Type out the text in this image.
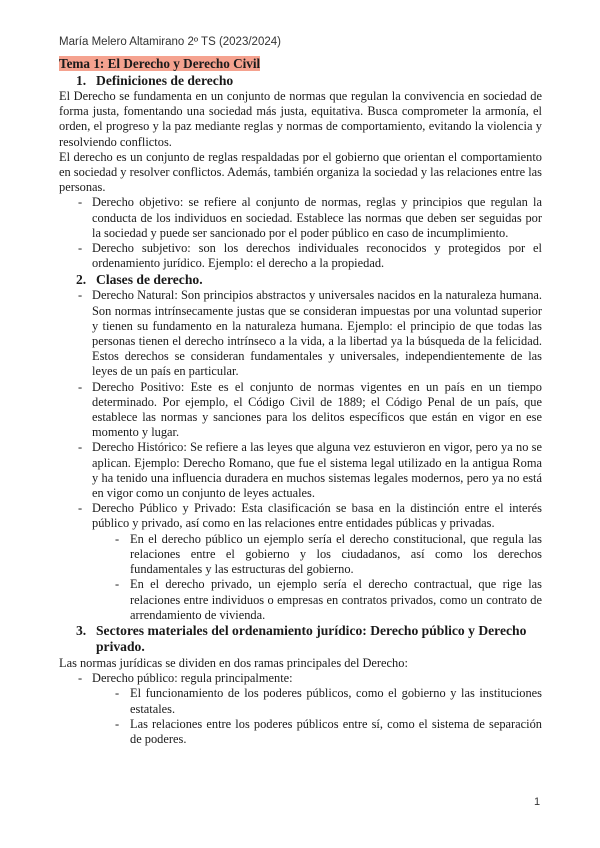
María Melero Altamirano 2º TS (2023/2024)

Tema 1: El Derecho y Derecho Civil

1. Definiciones de derecho

El Derecho se fundamenta en un conjunto de normas que regulan la convivencia en sociedad de forma justa, fomentando una sociedad más justa, equitativa. Busca comprometer la armonía, el orden, el progreso y la paz mediante reglas y normas de comportamiento, evitando la violencia y resolviendo conflictos.

El derecho es un conjunto de reglas respaldadas por el gobierno que orientan el comportamiento en sociedad y resolver conflictos. Además, también organiza la sociedad y las relaciones entre las personas.

- Derecho objetivo: se refiere al conjunto de normas, reglas y principios que regulan la conducta de los individuos en sociedad. Establece las normas que deben ser seguidas por la sociedad y puede ser sancionado por el poder público en caso de incumplimiento.
- Derecho subjetivo: son los derechos individuales reconocidos y protegidos por el ordenamiento jurídico. Ejemplo: el derecho a la propiedad.
2. Clases de derecho.
- Derecho Natural: Son principios abstractos y universales nacidos en la naturaleza humana. Son normas intrínsecamente justas que se consideran impuestas por una voluntad superior y tienen su fundamento en la naturaleza humana. Ejemplo: el principio de que todas las personas tienen el derecho intrínseco a la vida, a la libertad ya la búsqueda de la felicidad. Estos derechos se consideran fundamentales y universales, independientemente de las leyes de un país en particular.
- Derecho Positivo: Este es el conjunto de normas vigentes en un país en un tiempo determinado. Por ejemplo, el Código Civil de 1889; el Código Penal de un país, que establece las normas y sanciones para los delitos específicos que están en vigor en ese momento y lugar.
- Derecho Histórico: Se refiere a las leyes que alguna vez estuvieron en vigor, pero ya no se aplican. Ejemplo: Derecho Romano, que fue el sistema legal utilizado en la antigua Roma y ha tenido una influencia duradera en muchos sistemas legales modernos, pero ya no está en vigor como un conjunto de leyes actuales.
- Derecho Público y Privado: Esta clasificación se basa en la distinción entre el interés público y privado, así como en las relaciones entre entidades públicas y privadas.
- En el derecho público un ejemplo sería el derecho constitucional, que regula las relaciones entre el gobierno y los ciudadanos, así como los derechos fundamentales y las estructuras del gobierno.
- En el derecho privado, un ejemplo sería el derecho contractual, que rige las relaciones entre individuos o empresas en contratos privados, como un contrato de arrendamiento de vivienda.
3. Sectores materiales del ordenamiento jurídico: Derecho público y Derecho privado.

Las normas jurídicas se dividen en dos ramas principales del Derecho:

- Derecho público: regula principalmente:
- El funcionamiento de los poderes públicos, como el gobierno y las instituciones estatales.
- Las relaciones entre los poderes públicos entre sí, como el sistema de separación de poderes.
1
